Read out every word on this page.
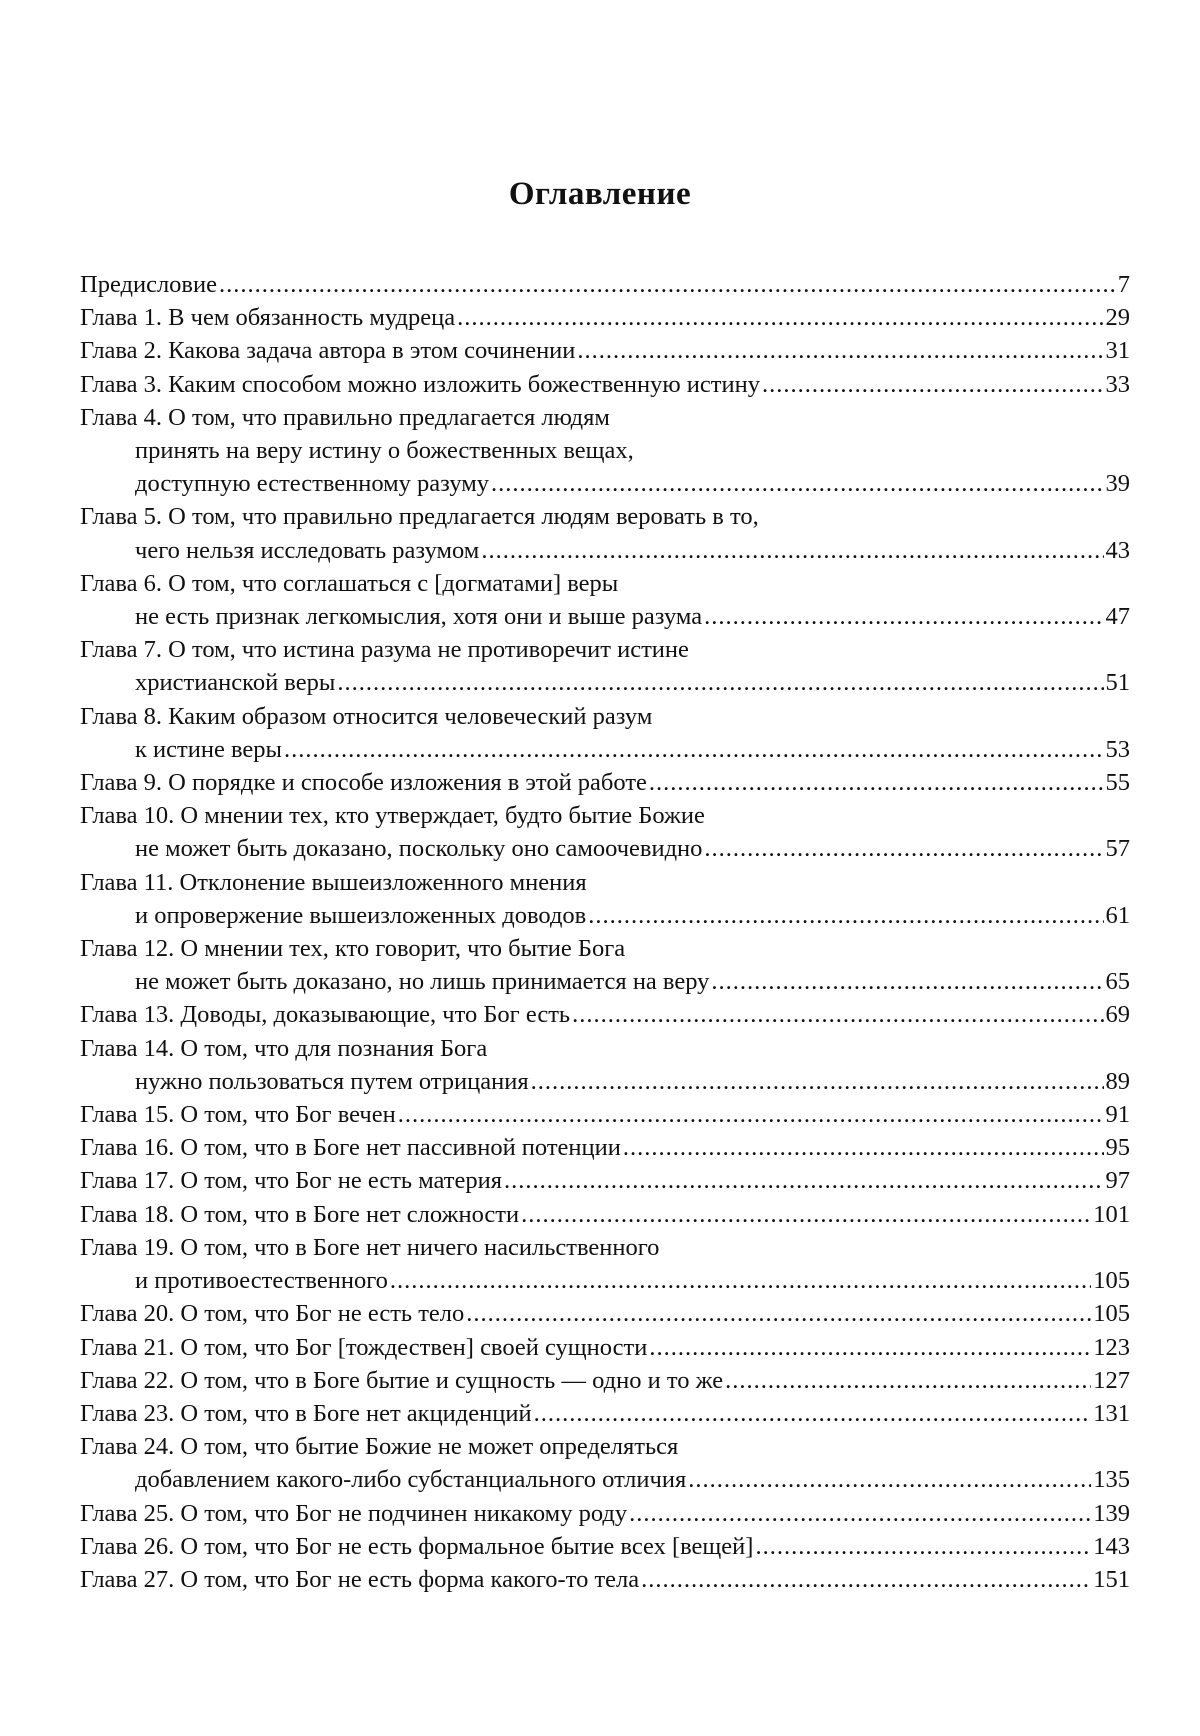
Оглавление
Предисловие .....	7
Глава 1. В чем обязанность мудреца .....	29
Глава 2. Какова задача автора в этом сочинении .....	31
Глава 3. Каким способом можно изложить божественную истину .....	33
Глава 4. О том, что правильно предлагается людям
принять на веру истину о божественных вещах,
доступную естественному разуму .....	39
Глава 5. О том, что правильно предлагается людям веровать в то,
чего нельзя исследовать разумом .....	43
Глава 6. О том, что соглашаться с [догматами] веры
не есть признак легкомыслия, хотя они и выше разума .....	47
Глава 7. О том, что истина разума не противоречит истине
христианской веры .....	51
Глава 8. Каким образом относится человеческий разум
к истине веры .....	53
Глава 9. О порядке и способе изложения в этой работе .....	55
Глава 10. О мнении тех, кто утверждает, будто бытие Божие
не может быть доказано, поскольку оно самоочевидно .....	57
Глава 11. Отклонение вышеизложенного мнения
и опровержение вышеизложенных доводов .....	61
Глава 12. О мнении тех, кто говорит, что бытие Бога
не может быть доказано, но лишь принимается на веру .....	65
Глава 13. Доводы, доказывающие, что Бог есть .....	69
Глава 14. О том, что для познания Бога
нужно пользоваться путем отрицания .....	89
Глава 15. О том, что Бог вечен .....	91
Глава 16. О том, что в Боге нет пассивной потенции .....	95
Глава 17. О том, что Бог не есть материя .....	97
Глава 18. О том, что в Боге нет сложности .....	101
Глава 19. О том, что в Боге нет ничего насильственного
и противоестественного .....	105
Глава 20. О том, что Бог не есть тело .....	105
Глава 21. О том, что Бог [тождествен] своей сущности .....	123
Глава 22. О том, что в Боге бытие и сущность — одно и то же .....	127
Глава 23. О том, что в Боге нет акциденций .....	131
Глава 24. О том, что бытие Божие не может определяться
добавлением какого-либо субстанциального отличия .....	135
Глава 25. О том, что Бог не подчинен никакому роду .....	139
Глава 26. О том, что Бог не есть формальное бытие всех [вещей] .....	143
Глава 27. О том, что Бог не есть форма какого-то тела .....	151
